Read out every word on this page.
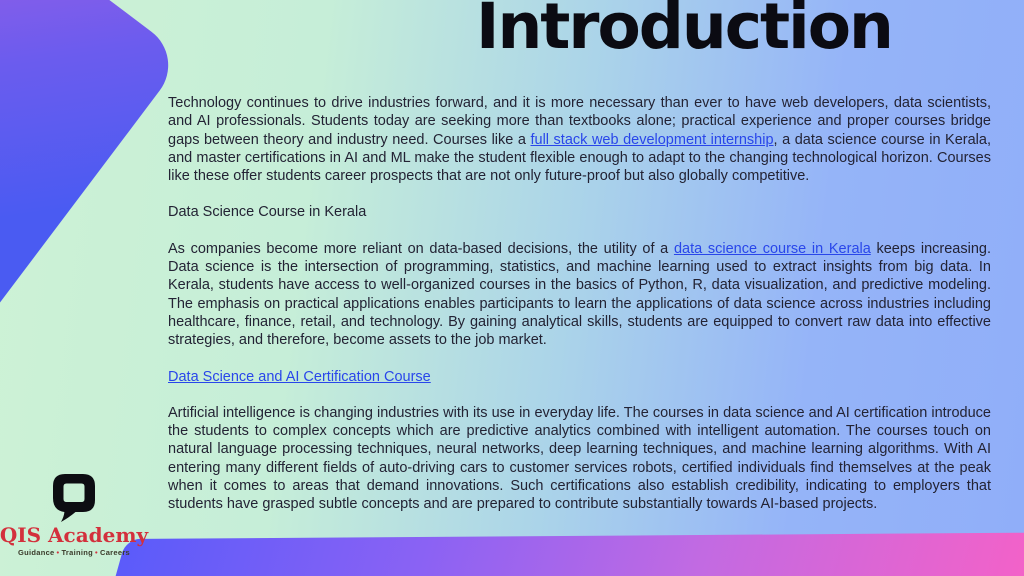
Introduction

Technology continues to drive industries forward, and it is more necessary than ever to have web developers, data scientists, and AI professionals. Students today are seeking more than textbooks alone; practical experience and proper courses bridge gaps between theory and industry need. Courses like a full stack web development internship, a data science course in Kerala, and master certifications in AI and ML make the student flexible enough to adapt to the changing technological horizon. Courses like these offer students career prospects that are not only future-proof but also globally competitive.

Data Science Course in Kerala

As companies become more reliant on data-based decisions, the utility of a data science course in Kerala keeps increasing. Data science is the intersection of programming, statistics, and machine learning used to extract insights from big data. In Kerala, students have access to well-organized courses in the basics of Python, R, data visualization, and predictive modeling. The emphasis on practical applications enables participants to learn the applications of data science across industries including healthcare, finance, retail, and technology. By gaining analytical skills, students are equipped to convert raw data into effective strategies, and therefore, become assets to the job market.

Data Science and AI Certification Course

Artificial intelligence is changing industries with its use in everyday life. The courses in data science and AI certification introduce the students to complex concepts which are predictive analytics combined with intelligent automation. The courses touch on natural language processing techniques, neural networks, deep learning techniques, and machine learning algorithms. With AI entering many different fields of auto-driving cars to customer services robots, certified individuals find themselves at the peak when it comes to areas that demand innovations. Such certifications also establish credibility, indicating to employers that students have grasped subtle concepts and are prepared to contribute substantially towards AI-based projects.

QIS Academy
Guidance • Training • Careers
